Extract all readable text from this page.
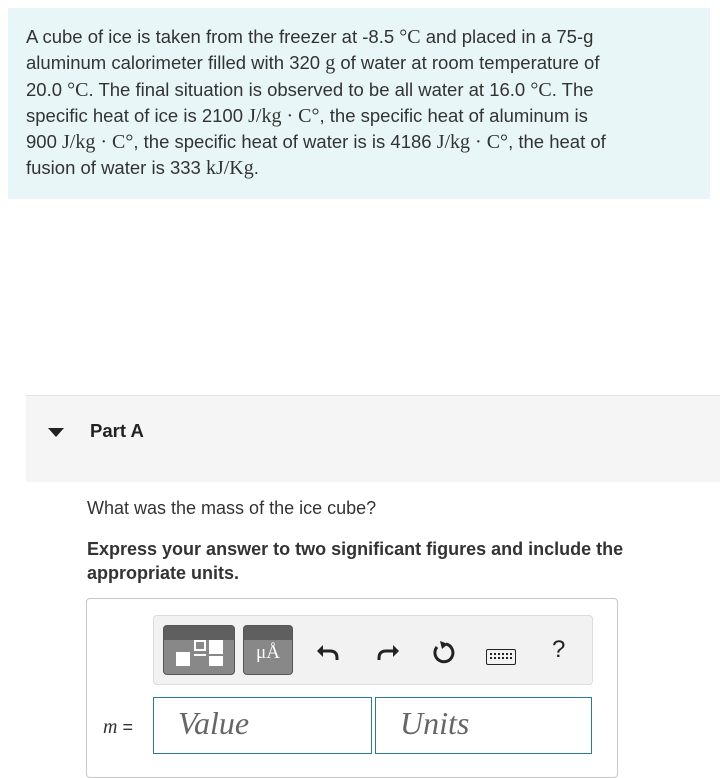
A cube of ice is taken from the freezer at -8.5 °C and placed in a 75-g
aluminum calorimeter filled with 320 g of water at room temperature of
20.0 °C. The final situation is observed to be all water at 16.0 °C. The
specific heat of ice is 2100 J/kg · C°, the specific heat of aluminum is
900 J/kg · C°, the specific heat of water is is 4186 J/kg · C°, the heat of
fusion of water is 333 kJ/Kg.
Part A
What was the mass of the ice cube?
Express your answer to two significant figures and include the appropriate units.
μÅ	?
m =	Value	Units
